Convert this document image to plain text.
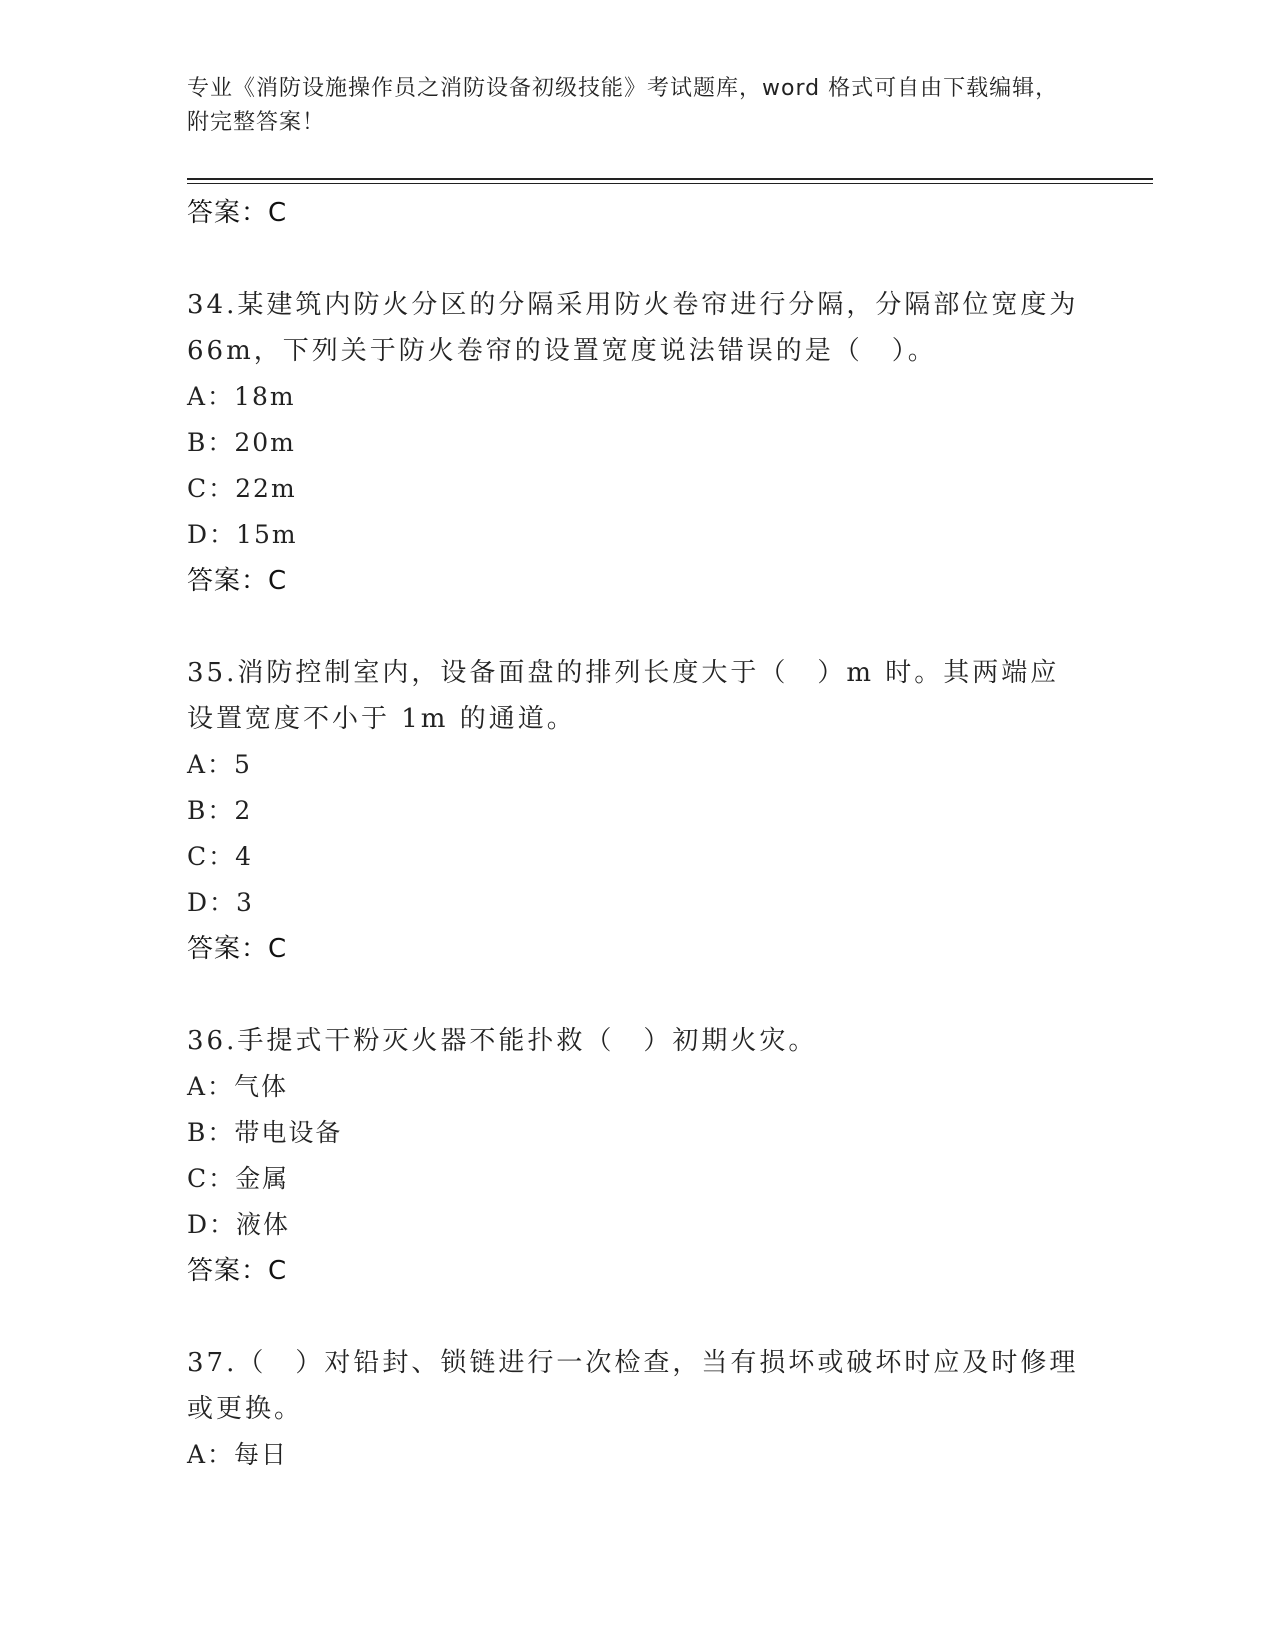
专业《消防设施操作员之消防设备初级技能》考试题库，word 格式可自由下载编辑，附完整答案！
答案：C
34.某建筑内防火分区的分隔采用防火卷帘进行分隔，分隔部位宽度为66m，下列关于防火卷帘的设置宽度说法错误的是（　）。
A：18m
B：20m
C：22m
D：15m
答案：C
35.消防控制室内，设备面盘的排列长度大于（　）m 时。其两端应设置宽度不小于 1m 的通道。
A：5
B：2
C：4
D：3
答案：C
36.手提式干粉灭火器不能扑救（　）初期火灾。
A：气体
B：带电设备
C：金属
D：液体
答案：C
37.（　）对铅封、锁链进行一次检查，当有损坏或破坏时应及时修理或更换。
A：每日
